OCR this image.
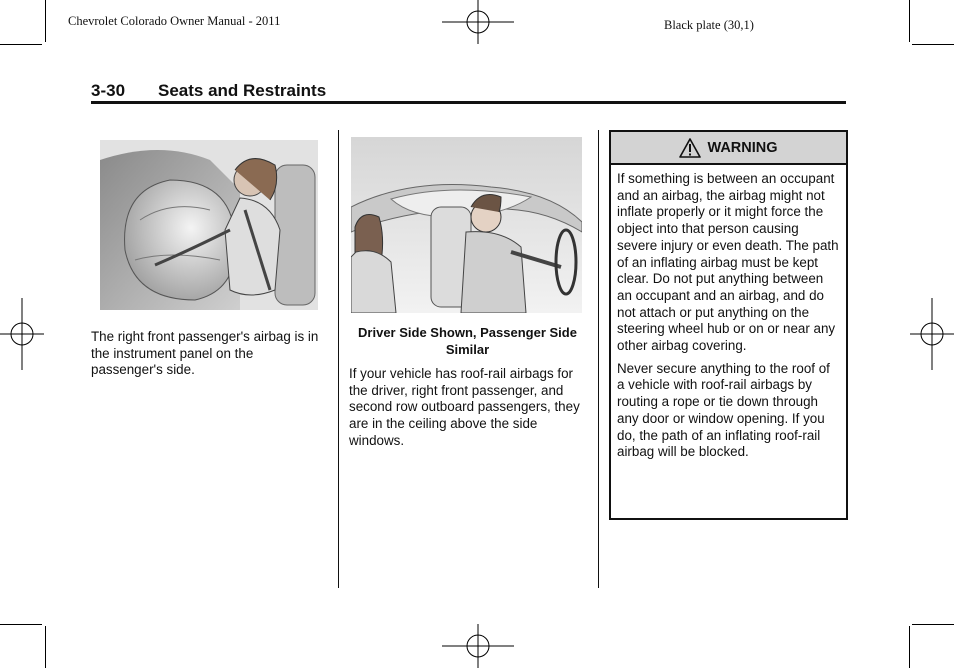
Chevrolet Colorado Owner Manual - 2011	Black plate (30,1)
3-30 Seats and Restraints
The right front passenger's airbag is in the instrument panel on the passenger's side.
Driver Side Shown, Passenger Side Similar
If your vehicle has roof-rail airbags for the driver, right front passenger, and second row outboard passengers, they are in the ceiling above the side windows.
WARNING

If something is between an occupant and an airbag, the airbag might not inflate properly or it might force the object into that person causing severe injury or even death. The path of an inflating airbag must be kept clear. Do not put anything between an occupant and an airbag, and do not attach or put anything on the steering wheel hub or on or near any other airbag covering.

Never secure anything to the roof of a vehicle with roof-rail airbags by routing a rope or tie down through any door or window opening. If you do, the path of an inflating roof-rail airbag will be blocked.
